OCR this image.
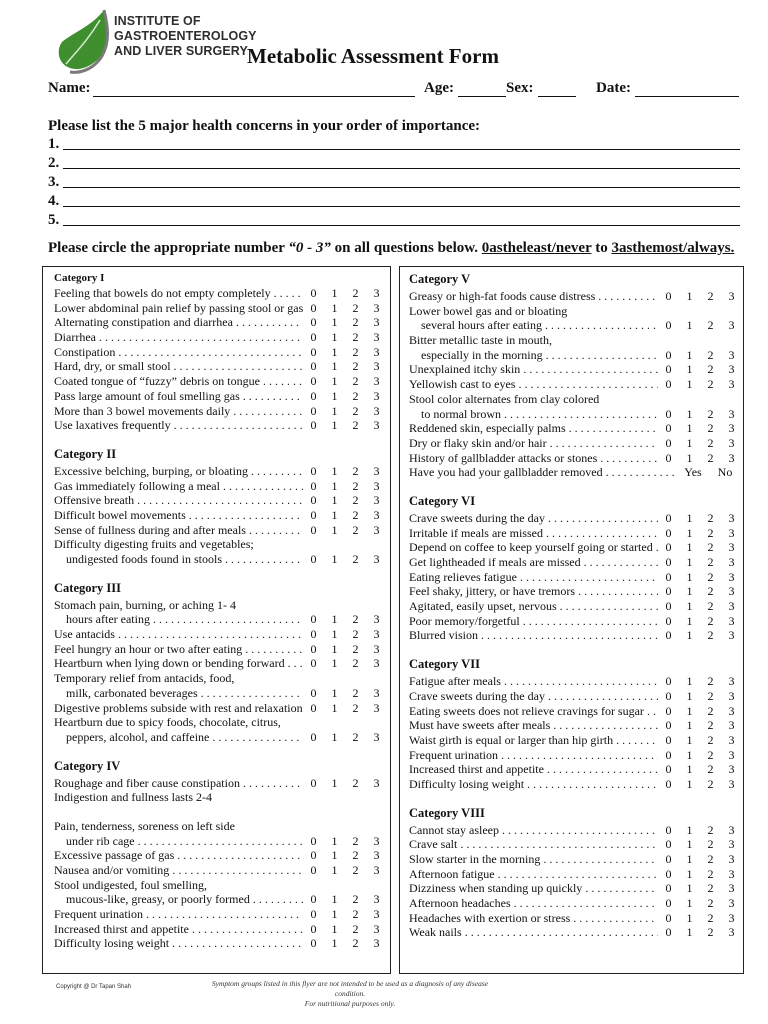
INSTITUTE OF
GASTROENTEROLOGY
AND LIVER SURGERY Metabolic Assessment Form
Name:	Age:	Sex:	Date:
Please list the 5 major health concerns in your order of importance:
1.
2.
3.
4.
5.
Please circle the appropriate number “0 - 3” on all questions below. 0astheleast/never to 3asthemost/always.
Category I
Feeling that bowels do not empty completely . . .	0	1	2	3
Lower abdominal pain relief by passing stool or gas . . . 0	1	2	3
Alternating constipation and diarrhea . . .	0	1	2	3
Diarrhea . . .	0	1	2	3
Constipation . . .	0	1	2	3
Hard, dry, or small stool . . .	0	1	2	3
Coated tongue of “fuzzy” debris on tongue . . .	0	1	2	3
Pass large amount of foul smelling gas . . .	0	1	2	3
More than 3 bowel movements daily . . .	0	1	2	3
Use laxatives frequently . . .	0	1	2	3
Category II
Excessive belching, burping, or bloating . . .	0	1	2	3
Gas immediately following a meal . . .	0	1	2	3
Offensive breath . . .	0	1	2	3
Difficult bowel movements . . .	0	1	2	3
Sense of fullness during and after meals . . .	0	1	2	3
Difficulty digesting fruits and vegetables;
undigested foods found in stools . . .	0	1	2	3
Category III
Stomach pain, burning, or aching 1- 4
hours after eating . . .	0	1	2	3
Use antacids . . .	0	1	2	3
Feel hungry an hour or two after eating . . .	0	1	2	3
Heartburn when lying down or bending forward . . .	0	1	2	3
Temporary relief from antacids, food,
milk, carbonated beverages . . .	0	1	2	3
Digestive problems subside with rest and relaxation . . . 0	1	2	3
Heartburn due to spicy foods, chocolate, citrus,
peppers, alcohol, and caffeine . . .	0	1	2	3
Category IV
Roughage and fiber cause constipation . . .	0	1	2	3
Indigestion and fullness lasts 2-4
Pain, tenderness, soreness on left side
under rib cage . . .	0	1	2	3
Excessive passage of gas . . .	0	1	2	3
Nausea and/or vomiting . . .	0	1	2	3
Stool undigested, foul smelling,
mucous-like, greasy, or poorly formed . . .	0	1	2	3
Frequent urination . . .	0	1	2	3
Increased thirst and appetite . . .	0	1	2	3
Difficulty losing weight . . .	0	1	2	3
Category V
Greasy or high-fat foods cause distress . . .	0	1	2	3
Lower bowel gas and or bloating
several hours after eating . . .	0	1	2	3
Bitter metallic taste in mouth,
especially in the morning . . .	0	1	2	3
Unexplained itchy skin . . .	0	1	2	3
Yellowish cast to eyes . . .	0	1	2	3
Stool color alternates from clay colored
to normal brown . . .	0	1	2	3
Reddened skin, especially palms . . .	0	1	2	3
Dry or flaky skin and/or hair . . .	0	1	2	3
History of gallbladder attacks or stones . . .	0	1	2	3
Have you had your gallbladder removed . . .	Yes	No
Category VI
Crave sweets during the day . . .	0	1	2	3
Irritable if meals are missed . . .	0	1	2	3
Depend on coffee to keep yourself going or started . . .	0	1	2	3
Get lightheaded if meals are missed . . .	0	1	2	3
Eating relieves fatigue . . .	0	1	2	3
Feel shaky, jittery, or have tremors . . .	0	1	2	3
Agitated, easily upset, nervous . . .	0	1	2	3
Poor memory/forgetful . . .	0	1	2	3
Blurred vision . . .	0	1	2	3
Category VII
Fatigue after meals . . .	0	1	2	3
Crave sweets during the day . . .	0	1	2	3
Eating sweets does not relieve cravings for sugar . . .	0	1	2	3
Must have sweets after meals . . .	0	1	2	3
Waist girth is equal or larger than hip girth . . .	0	1	2	3
Frequent urination . . .	0	1	2	3
Increased thirst and appetite . . .	0	1	2	3
Difficulty losing weight . . .	0	1	2	3
Category VIII
Cannot stay asleep . . .	0	1	2	3
Crave salt . . .	0	1	2	3
Slow starter in the morning . . .	0	1	2	3
Afternoon fatigue . . .	0	1	2	3
Dizziness when standing up quickly . . .	0	1	2	3
Afternoon headaches . . .	0	1	2	3
Headaches with exertion or stress . . .	0	1	2	3
Weak nails . . .	0	1	2	3
Copyright @ Dr Tapan Shah	Symptom groups listed in this flyer are not intended to be used as a diagnosis of any disease condition.
For nutritional purposes only.
